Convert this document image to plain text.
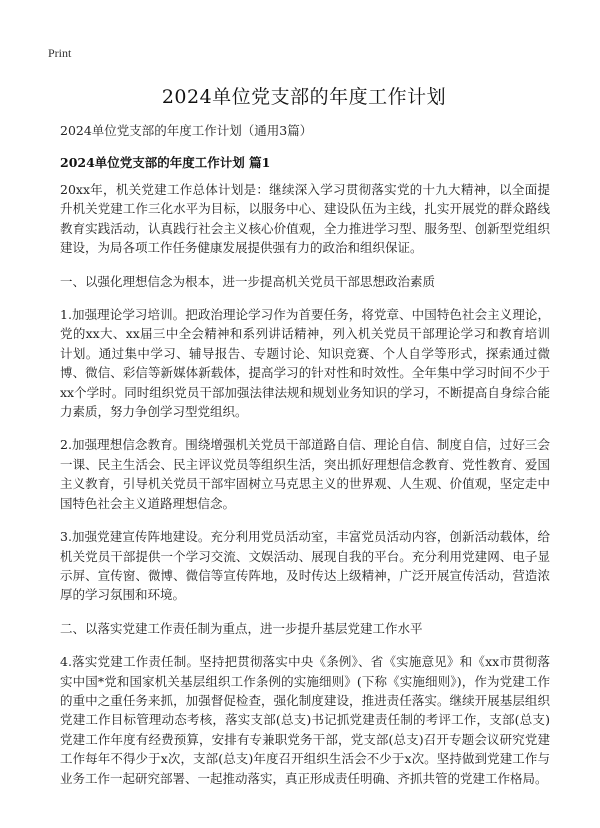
Print
2024单位党支部的年度工作计划
2024单位党支部的年度工作计划（通用3篇）
2024单位党支部的年度工作计划 篇1

20xx年，机关党建工作总体计划是：继续深入学习贯彻落实党的十九大精神，以全面提升机关党建工作三化水平为目标，以服务中心、建设队伍为主线，扎实开展党的群众路线教育实践活动，认真践行社会主义核心价值观，全力推进学习型、服务型、创新型党组织建设，为局各项工作任务健康发展提供强有力的政治和组织保证。

一、以强化理想信念为根本，进一步提高机关党员干部思想政治素质

1.加强理论学习培训。把政治理论学习作为首要任务，将党章、中国特色社会主义理论，党的xx大、xx届三中全会精神和系列讲话精神，列入机关党员干部理论学习和教育培训计划。通过集中学习、辅导报告、专题讨论、知识竞赛、个人自学等形式，探索通过微博、微信、彩信等新媒体新载体，提高学习的针对性和时效性。全年集中学习时间不少于xx个学时。同时组织党员干部加强法律法规和规划业务知识的学习，不断提高自身综合能力素质，努力争创学习型党组织。

2.加强理想信念教育。围绕增强机关党员干部道路自信、理论自信、制度自信，过好三会一课、民主生活会、民主评议党员等组织生活，突出抓好理想信念教育、党性教育、爱国主义教育，引导机关党员干部牢固树立马克思主义的世界观、人生观、价值观，坚定走中国特色社会主义道路理想信念。

3.加强党建宣传阵地建设。充分利用党员活动室，丰富党员活动内容，创新活动载体，给机关党员干部提供一个学习交流、文娱活动、展现自我的平台。充分利用党建网、电子显示屏、宣传窗、微博、微信等宣传阵地，及时传达上级精神，广泛开展宣传活动，营造浓厚的学习氛围和环境。

二、以落实党建工作责任制为重点，进一步提升基层党建工作水平

4.落实党建工作责任制。坚持把贯彻落实中央《条例》、省《实施意见》和《xx市贯彻落实中国*党和国家机关基层组织工作条例的实施细则》(下称《实施细则》)，作为党建工作的重中之重任务来抓，加强督促检查，强化制度建设，推进责任落实。继续开展基层组织党建工作目标管理动态考核，落实支部(总支)书记抓党建责任制的考评工作，支部(总支)党建工作年度有经费预算，安排有专兼职党务干部，党支部(总支)召开专题会议研究党建工作每年不得少于x次，支部(总支)年度召开组织生活会不少于x次。坚持做到党建工作与业务工作一起研究部署、一起推动落实，真正形成责任明确、齐抓共管的党建工作格局。
